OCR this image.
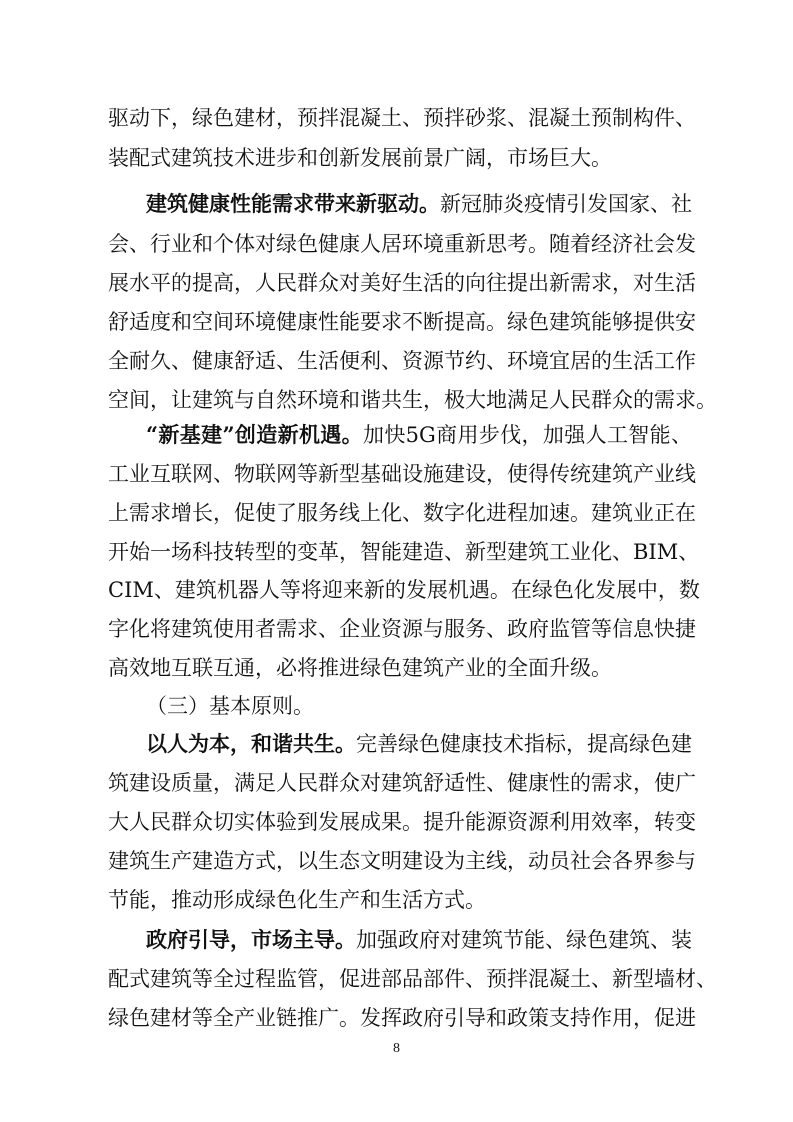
驱动下，绿色建材，预拌混凝土、预拌砂浆、混凝土预制构件、
装配式建筑技术进步和创新发展前景广阔，市场巨大。
建筑健康性能需求带来新驱动。新冠肺炎疫情引发国家、社
会、行业和个体对绿色健康人居环境重新思考。随着经济社会发
展水平的提高，人民群众对美好生活的向往提出新需求，对生活
舒适度和空间环境健康性能要求不断提高。绿色建筑能够提供安
全耐久、健康舒适、生活便利、资源节约、环境宜居的生活工作
空间，让建筑与自然环境和谐共生，极大地满足人民群众的需求。
“新基建”创造新机遇。加快5G商用步伐，加强人工智能、
工业互联网、物联网等新型基础设施建设，使得传统建筑产业线
上需求增长，促使了服务线上化、数字化进程加速。建筑业正在
开始一场科技转型的变革，智能建造、新型建筑工业化、BIM、
CIM、建筑机器人等将迎来新的发展机遇。在绿色化发展中，数
字化将建筑使用者需求、企业资源与服务、政府监管等信息快捷
高效地互联互通，必将推进绿色建筑产业的全面升级。
（三）基本原则。
以人为本，和谐共生。完善绿色健康技术指标，提高绿色建
筑建设质量，满足人民群众对建筑舒适性、健康性的需求，使广
大人民群众切实体验到发展成果。提升能源资源利用效率，转变
建筑生产建造方式，以生态文明建设为主线，动员社会各界参与
节能，推动形成绿色化生产和生活方式。
政府引导，市场主导。加强政府对建筑节能、绿色建筑、装
配式建筑等全过程监管，促进部品部件、预拌混凝土、新型墙材、
绿色建材等全产业链推广。发挥政府引导和政策支持作用，促进
8
